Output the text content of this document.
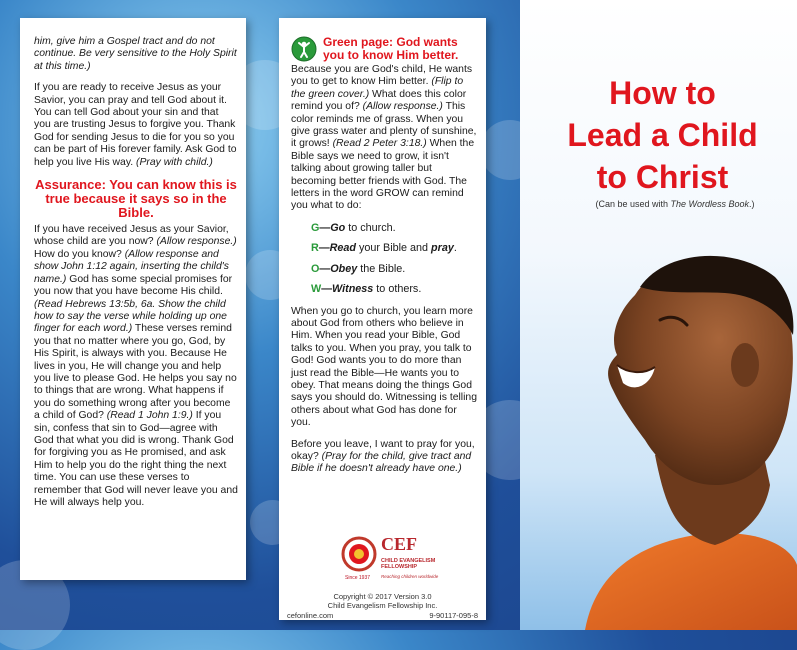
him, give him a Gospel tract and do not continue. Be very sensitive to the Holy Spirit at this time.)

If you are ready to receive Jesus as your Savior, you can pray and tell God about it. You can tell God about your sin and that you are trusting Jesus to forgive you. Thank God for sending Jesus to die for you so you can be part of His forever family. Ask God to help you live His way. (Pray with child.)

Assurance: You can know this is true because it says so in the Bible.

If you have received Jesus as your Savior, whose child are you now? (Allow response.) How do you know? (Allow response and show John 1:12 again, inserting the child's name.) God has some special promises for you now that you have become His child. (Read Hebrews 13:5b, 6a. Show the child how to say the verse while holding up one finger for each word.) These verses remind you that no matter where you go, God, by His Spirit, is always with you. Because He lives in you, He will change you and help you live to please God. He helps you say no to things that are wrong. What happens if you do something wrong after you become a child of God? (Read 1 John 1:9.) If you sin, confess that sin to God—agree with God that what you did is wrong. Thank God for forgiving you as He promised, and ask Him to help you do the right thing the next time. You can use these verses to remember that God will never leave you and He will always help you.

Green page: God wants you to know Him better.

Because you are God's child, He wants you to get to know Him better. (Flip to the green cover.) What does this color remind you of? (Allow response.) This color reminds me of grass. When you give grass water and plenty of sunshine, it grows! (Read 2 Peter 3:18.) When the Bible says we need to grow, it isn't talking about growing taller but becoming better friends with God. The letters in the word GROW can remind you what to do:

G—Go to church.
R—Read your Bible and pray.
O—Obey the Bible.
W—Witness to others.

When you go to church, you learn more about God from others who believe in Him. When you read your Bible, God talks to you. When you pray, you talk to God! God wants you to do more than just read the Bible—He wants you to obey. That means doing the things God says you should do. Witnessing is telling others about what God has done for you.

Before you leave, I want to pray for you, okay? (Pray for the child, give tract and Bible if he doesn't already have one.)

Since 1937
CEF
CHILD EVANGELISM
FELLOWSHIP
Reaching children worldwide
Copyright © 2017 Version 3.0
Child Evangelism Fellowship Inc.
cefonline.com	9-90117-095-8
How to
Lead a Child
to Christ
(Can be used with The Wordless Book.)
